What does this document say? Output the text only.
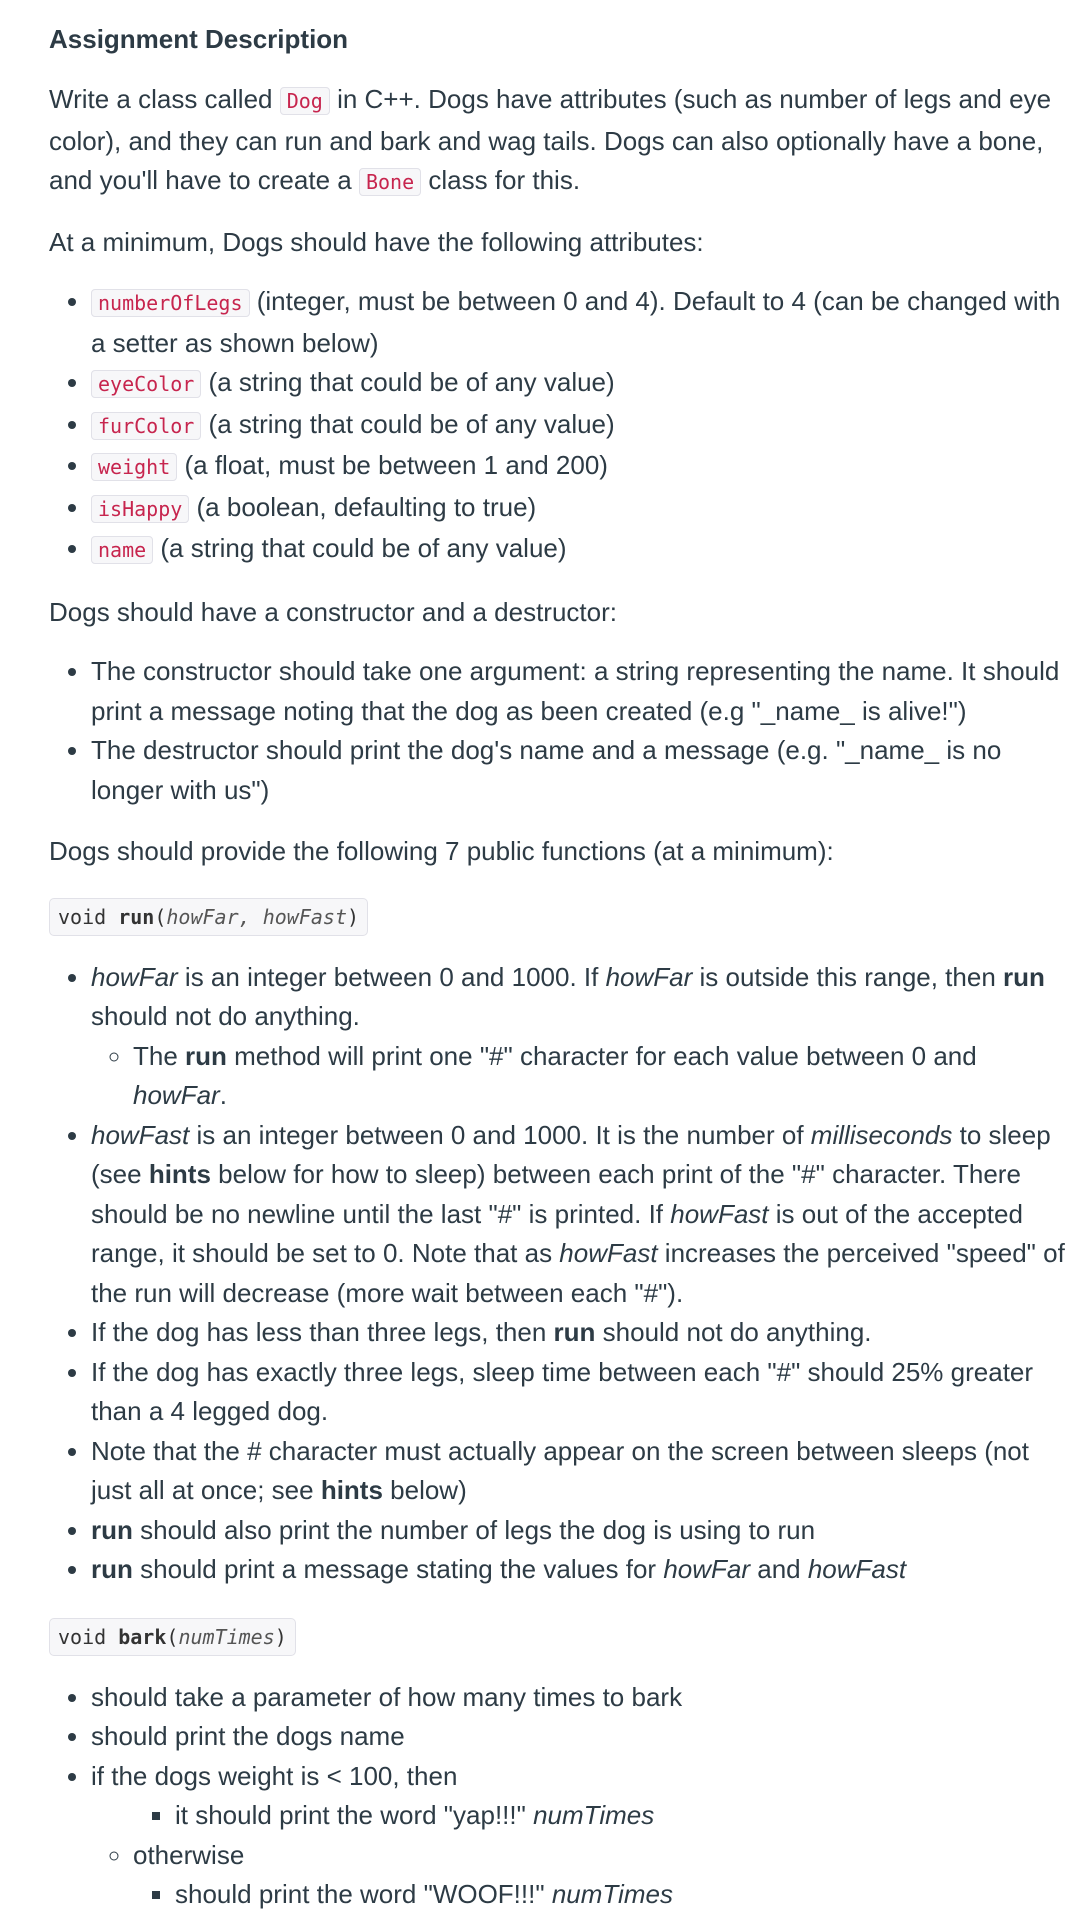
Assignment Description

Write a class called Dog in C++. Dogs have attributes (such as number of legs and eye color), and they can run and bark and wag tails. Dogs can also optionally have a bone, and you'll have to create a Bone class for this.

At a minimum, Dogs should have the following attributes:

• numberOfLegs (integer, must be between 0 and 4). Default to 4 (can be changed with a setter as shown below)
• eyeColor (a string that could be of any value)
• furColor (a string that could be of any value)
• weight (a float, must be between 1 and 200)
• isHappy (a boolean, defaulting to true)
• name (a string that could be of any value)

Dogs should have a constructor and a destructor:

• The constructor should take one argument: a string representing the name. It should print a message noting that the dog as been created (e.g "_name_ is alive!")
• The destructor should print the dog's name and a message (e.g. "_name_ is no longer with us")

Dogs should provide the following 7 public functions (at a minimum):

void run(howFar, howFast)
• howFar is an integer between 0 and 1000. If howFar is outside this range, then run should not do anything.
◦ The run method will print one "#" character for each value between 0 and howFar.
• howFast is an integer between 0 and 1000. It is the number of milliseconds to sleep (see hints below for how to sleep) between each print of the "#" character. There should be no newline until the last "#" is printed. If howFast is out of the accepted range, it should be set to 0. Note that as howFast increases the perceived "speed" of the run will decrease (more wait between each "#").
• If the dog has less than three legs, then run should not do anything.
• If the dog has exactly three legs, sleep time between each "#" should 25% greater than a 4 legged dog.
• Note that the # character must actually appear on the screen between sleeps (not just all at once; see hints below)
• run should also print the number of legs the dog is using to run
• run should print a message stating the values for howFar and howFast
void bark(numTimes)
• should take a parameter of how many times to bark
• should print the dogs name
• if the dogs weight is < 100, then
▪ it should print the word "yap!!!" numTimes
◦ otherwise
▪ should print the word "WOOF!!!" numTimes
